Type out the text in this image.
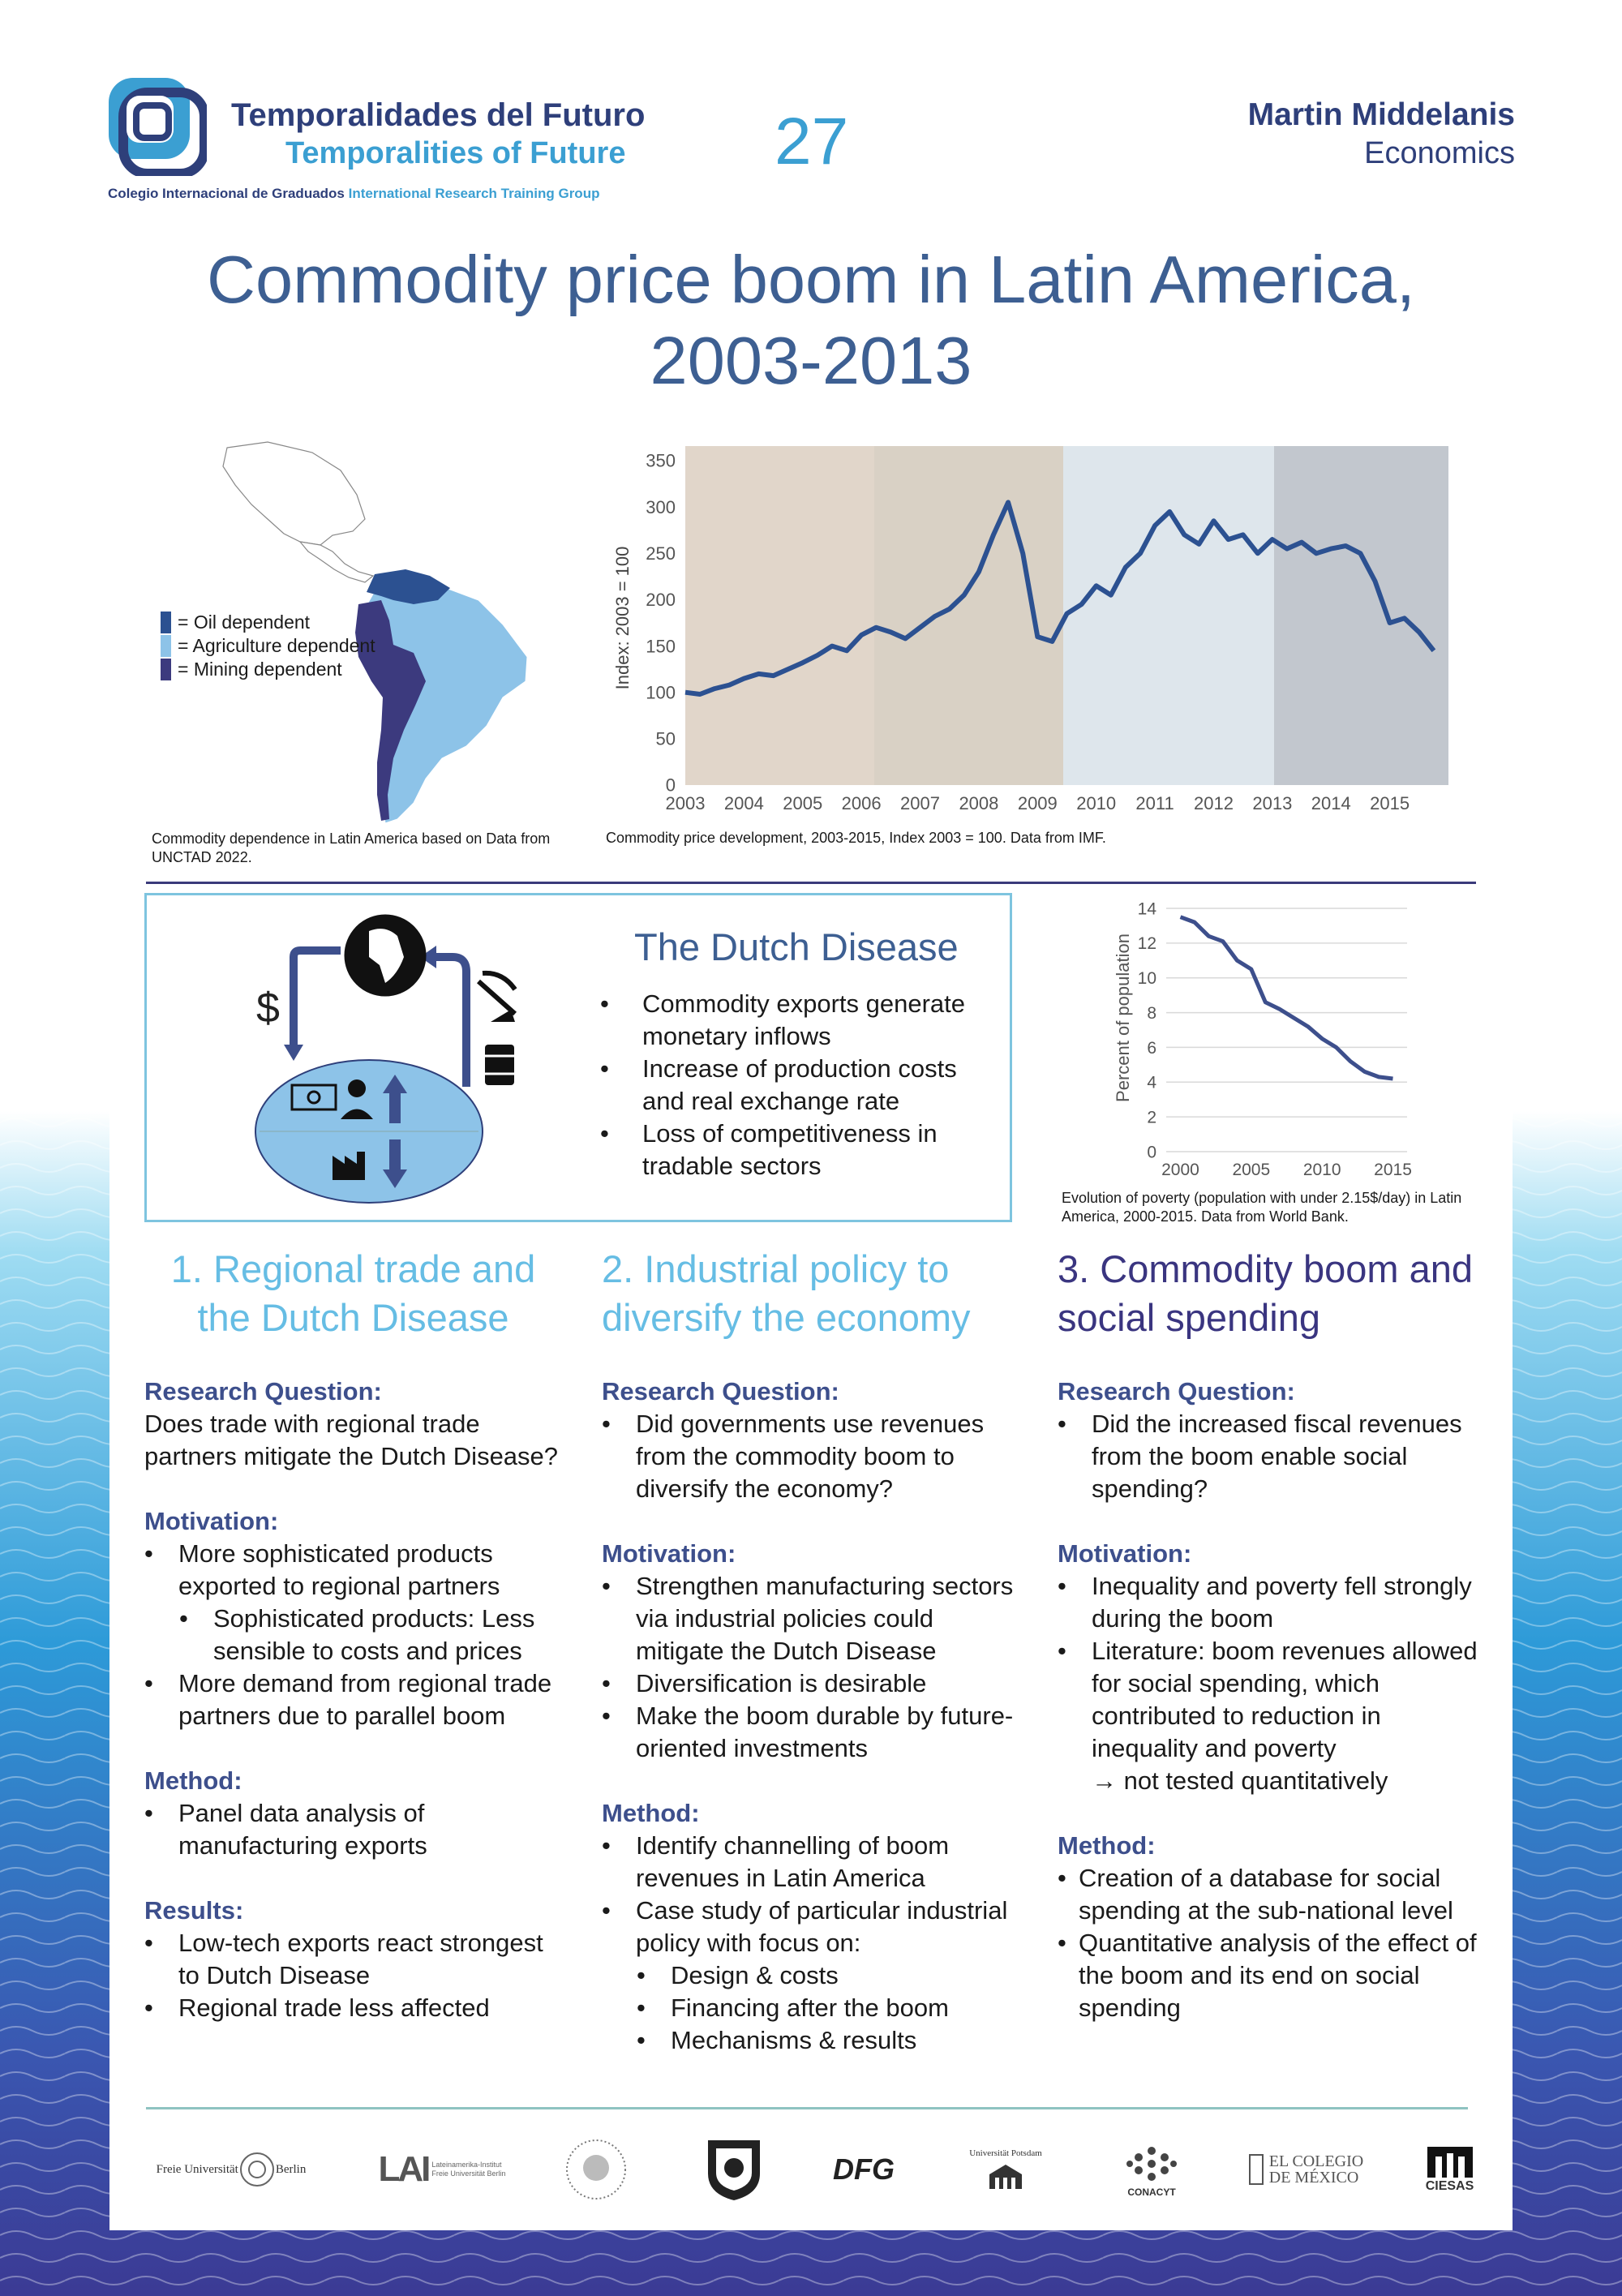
Temporalidades del Futuro
Temporalities of Future
Colegio Internacional de Graduados International Research Training Group
27	Martin Middelanis
Economics
Commodity price boom in Latin America,
2003-2013
= Oil dependent
= Agriculture dependent
= Mining dependent
Commodity dependence in Latin America based on Data from UNCTAD 2022.
0
50
100
150
200
250
300
350
2003 2004 2005 2006 2007 2008 2009 2010 2011 2012 2013 2014 2015
Index: 2003 = 100
Commodity price development, 2003-2015, Index 2003 = 100. Data from IMF.
$
The Dutch Disease
• Commodity exports generate monetary inflows
• Increase of production costs and real exchange rate
• Loss of competitiveness in tradable sectors	0
2
4
6
8
10
12
14
2000 2005 2010 2015
Percent of population
Evolution of poverty (population with under 2.15$/day) in Latin America, 2000-2015. Data from World Bank.
1. Regional trade and the Dutch Disease
Research Question:

Does trade with regional trade partners mitigate the Dutch Disease?

Motivation:
• More sophisticated products exported to regional partners
• Sophisticated products: Less sensible to costs and prices
• More demand from regional trade partners due to parallel boom
Method:
• Panel data analysis of manufacturing exports
Results:
• Low-tech exports react strongest to Dutch Disease
• Regional trade less affected
2. Industrial policy to diversify the economy
Research Question:
• Did governments use revenues from the commodity boom to diversify the economy?
Motivation:
• Strengthen manufacturing sectors via industrial policies could mitigate the Dutch Disease
• Diversification is desirable
• Make the boom durable by future-oriented investments
Method:
• Identify channelling of boom revenues in Latin America
• Case study of particular industrial policy with focus on:
• Design & costs
• Financing after the boom
• Mechanisms & results
3. Commodity boom and social spending
Research Question:
• Did the increased fiscal revenues from the boom enable social spending?
Motivation:
• Inequality and poverty fell strongly during the boom
• Literature: boom revenues allowed for social spending, which contributed to reduction in inequality and poverty
→ not tested quantitatively
Method:
• Creation of a database for social spending at the sub-national level
• Quantitative analysis of the effect of the boom and its end on social spending
Freie Universität	Berlin LAI Lateinamerika-Institut
Freie Universität Berlin	DFG	Universität Potsdam
CONACYT
EL COLEGIO
DE MÉXICO	CIESAS
